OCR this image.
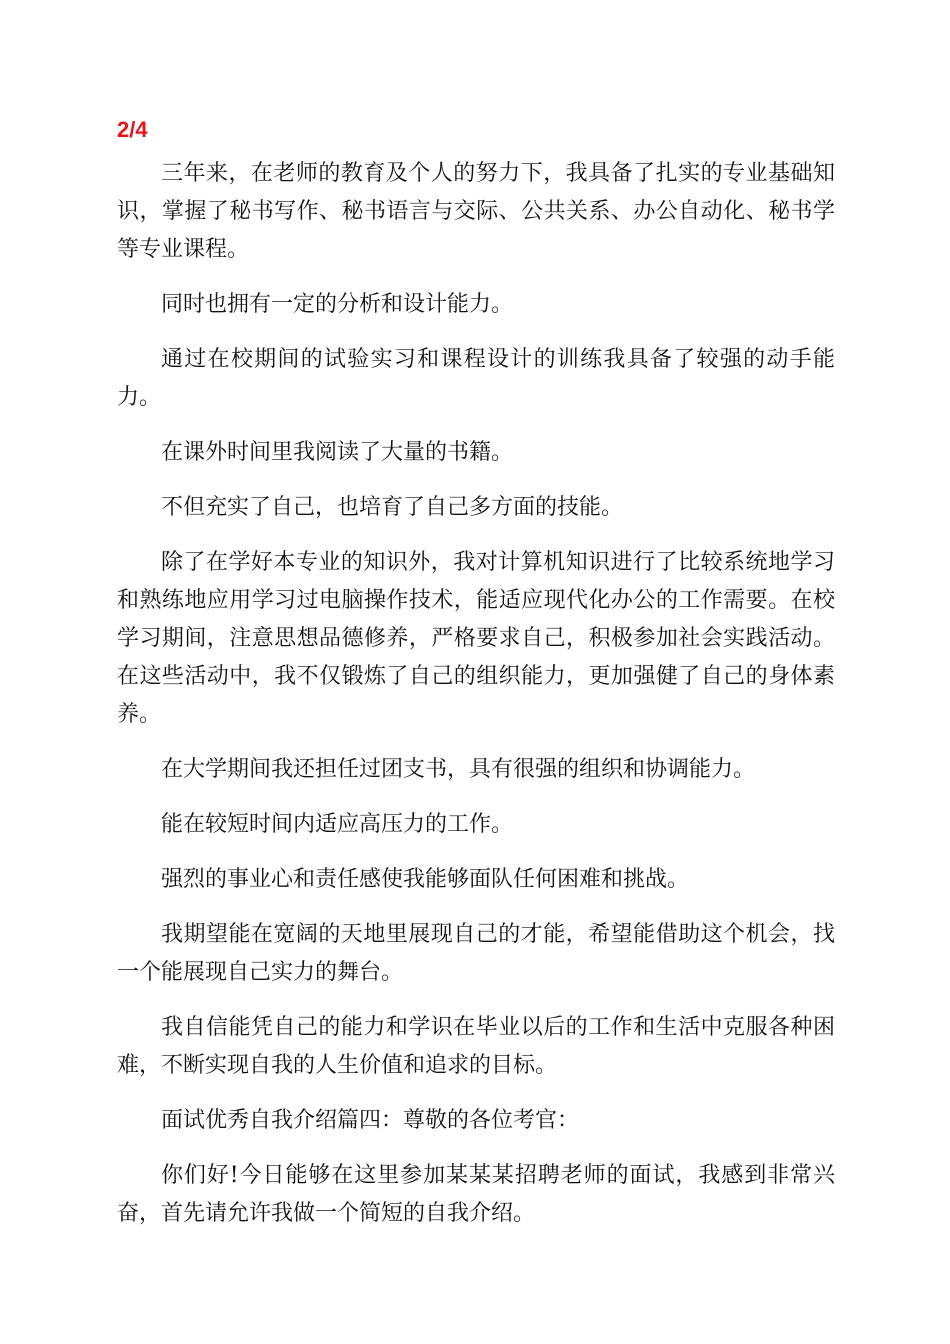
2/4

三年来，在老师的教育及个人的努力下，我具备了扎实的专业基础知识，掌握了秘书写作、秘书语言与交际、公共关系、办公自动化、秘书学等专业课程。

同时也拥有一定的分析和设计能力。

通过在校期间的试验实习和课程设计的训练我具备了较强的动手能力。

在课外时间里我阅读了大量的书籍。

不但充实了自己，也培育了自己多方面的技能。

除了在学好本专业的知识外，我对计算机知识进行了比较系统地学习和熟练地应用学习过电脑操作技术，能适应现代化办公的工作需要。在校学习期间，注意思想品德修养，严格要求自己，积极参加社会实践活动。在这些活动中，我不仅锻炼了自己的组织能力，更加强健了自己的身体素养。

在大学期间我还担任过团支书，具有很强的组织和协调能力。

能在较短时间内适应高压力的工作。

强烈的事业心和责任感使我能够面队任何困难和挑战。

我期望能在宽阔的天地里展现自己的才能，希望能借助这个机会，找一个能展现自己实力的舞台。

我自信能凭自己的能力和学识在毕业以后的工作和生活中克服各种困难，不断实现自我的人生价值和追求的目标。

面试优秀自我介绍篇四：尊敬的各位考官：

你们好!今日能够在这里参加某某某招聘老师的面试，我感到非常兴奋，首先请允许我做一个简短的自我介绍。
